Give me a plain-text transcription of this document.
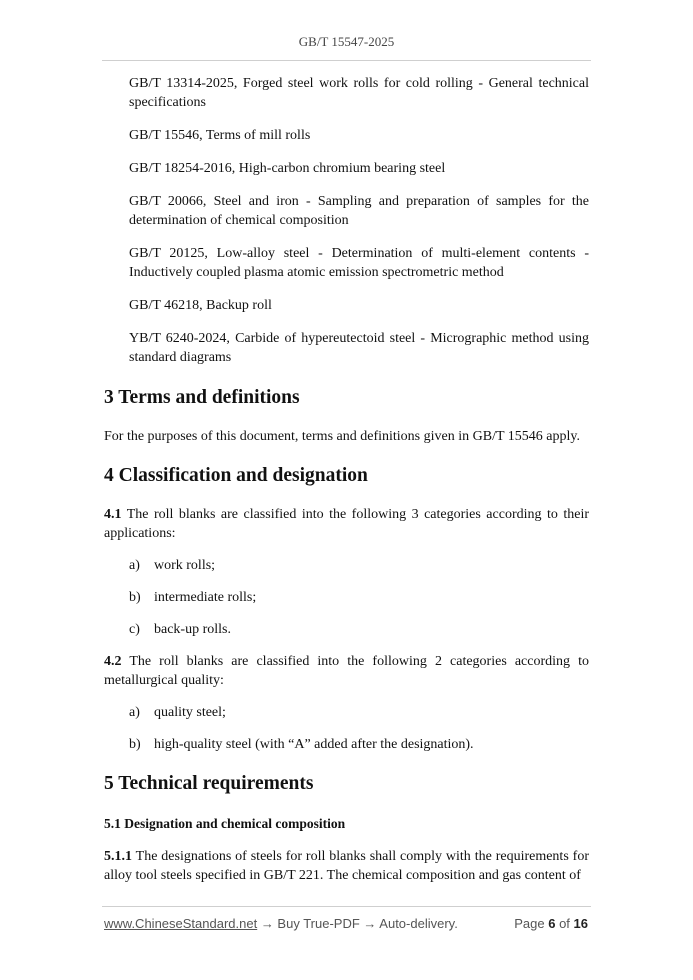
GB/T 15547-2025

GB/T 13314-2025, Forged steel work rolls for cold rolling - General technical specifications

GB/T 15546, Terms of mill rolls

GB/T 18254-2016, High-carbon chromium bearing steel

GB/T 20066, Steel and iron - Sampling and preparation of samples for the determination of chemical composition

GB/T 20125, Low-alloy steel - Determination of multi-element contents - Inductively coupled plasma atomic emission spectrometric method

GB/T 46218, Backup roll

YB/T 6240-2024, Carbide of hypereutectoid steel - Micrographic method using standard diagrams

3 Terms and definitions

For the purposes of this document, terms and definitions given in GB/T 15546 apply.

4 Classification and designation

4.1 The roll blanks are classified into the following 3 categories according to their applications:

a) work rolls;

b) intermediate rolls;

c) back-up rolls.

4.2 The roll blanks are classified into the following 2 categories according to metallurgical quality:

a) quality steel;

b) high-quality steel (with “A” added after the designation).

5 Technical requirements

5.1 Designation and chemical composition

5.1.1 The designations of steels for roll blanks shall comply with the requirements for alloy tool steels specified in GB/T 221. The chemical composition and gas content of

www.ChineseStandard.net → Buy True-PDF → Auto-delivery.	Page 6 of 16
